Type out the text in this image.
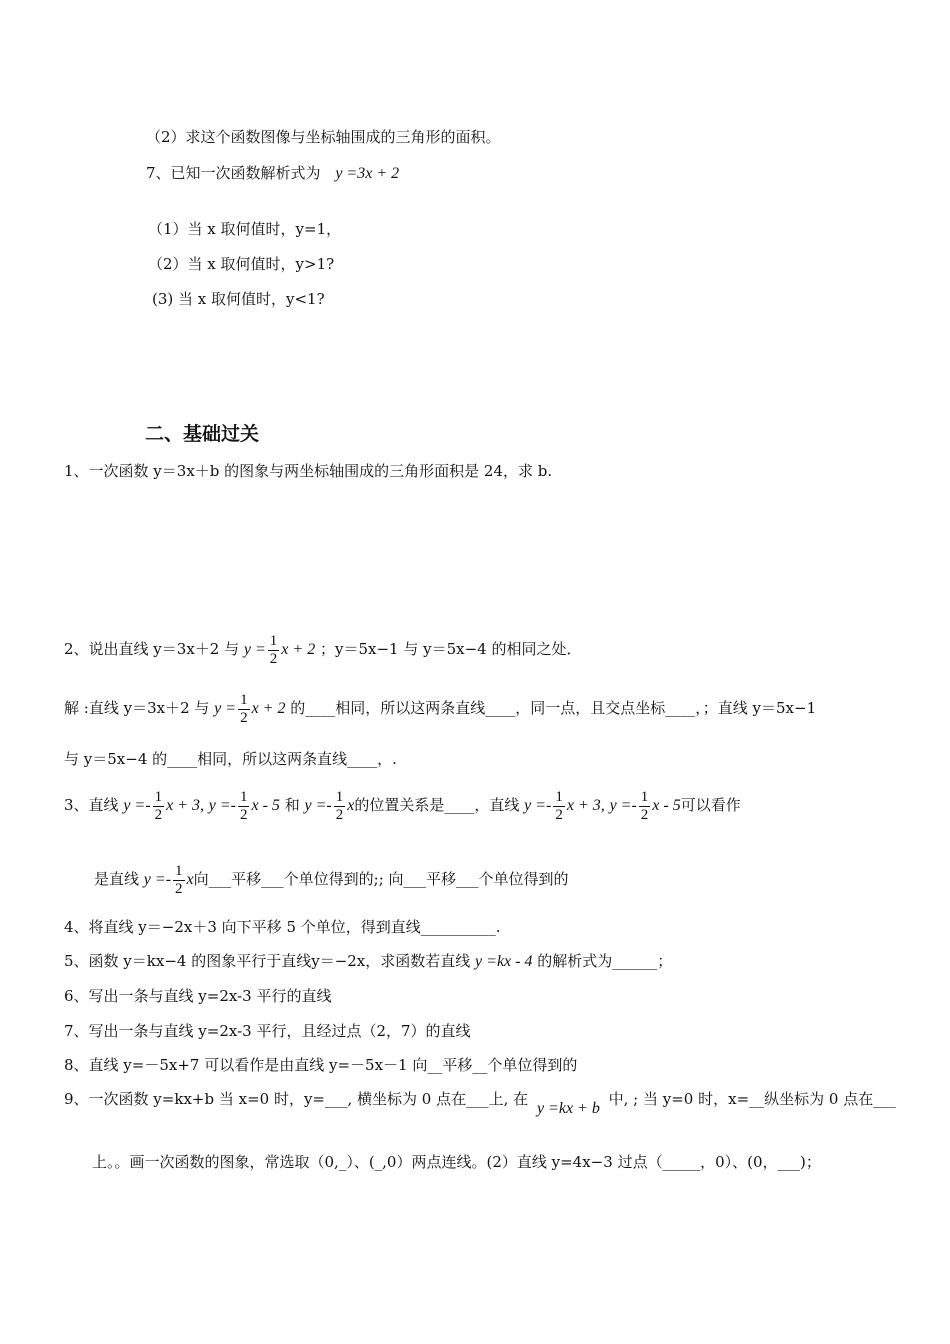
（2）求这个函数图像与坐标轴围成的三角形的面积。
7、已知一次函数解析式为 y =3x + 2
（1）当 x 取何值时，y=1，
（2）当 x 取何值时，y>1?
(3) 当 x 取何值时，y<1?
二、基础过关
1、一次函数 y＝3x＋b 的图象与两坐标轴围成的三角形面积是 24，求 b.
2、说出直线 y＝3x＋2 与 $y = \frac{1}{2}$ x + 2 ；y＝5x−1 与 y＝5x−4 的相同之处．
解 :直线 y＝3x＋2 与 $y = \frac{1}{2}$ x + 2 的____相同，所以这两条直线____，同一点，且交点坐标____，；直线 y＝5x−1
与 y＝5x−4 的____相同，所以这两条直线____，.
3、直线 $y =- \frac{1}{2}$ x + 3, $y =- \frac{1}{2}$ x - 5 和 $y =- \frac{1}{2}$ x的位置关系是____，直线 $y =- \frac{1}{2}$ x + 3, $y =- \frac{1}{2}$ x - 5可以看作
是直线 $y =- \frac{1}{2}$ x向___平移___个单位得到的;; 向___平移___个单位得到的
4、将直线 y＝−2x＋3 向下平移 5 个单位，得到直线__________.
5、函数 y＝kx−4 的图象平行于直线y＝−2x，求函数若直线 y =kx - 4 的解析式为______；
6、写出一条与直线 y=2x-3 平行的直线
7、写出一条与直线 y=2x-3 平行，且经过点（2，7）的直线
8、直线 y=－5x+7 可以看作是由直线 y=－5x－1 向__平移__个单位得到的
9、一次函数 y=kx+b 当 x=0 时，y=___, 横坐标为 0 点在___上, 在 y =kx + b 中, ; 当 y=0 时，x=__纵坐标为 0 点在___
上。。画一次函数的图象，常选取（0,_）、(_,0）两点连线。(2）直线 y=4x−3 过点（_____，0）、(0，___)；
